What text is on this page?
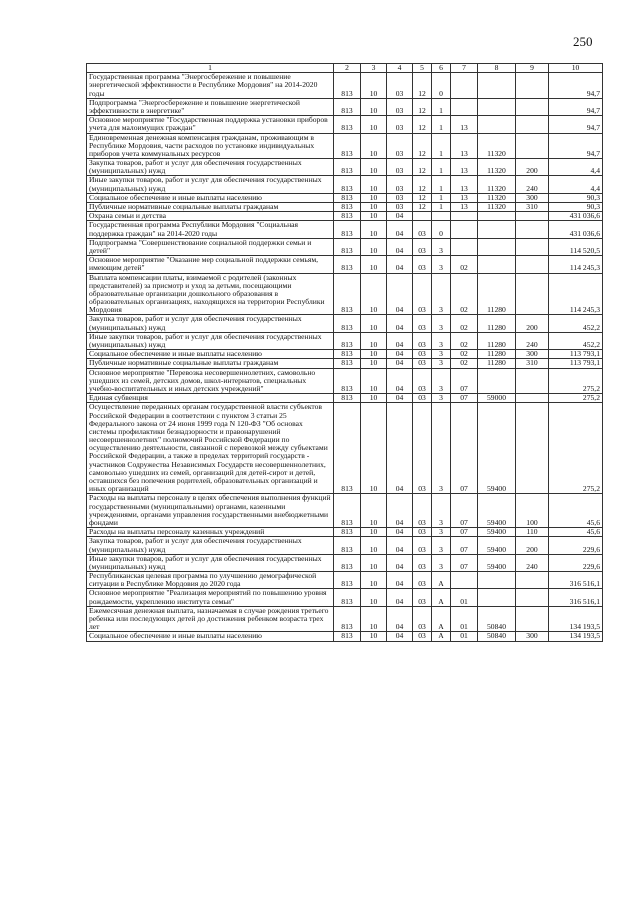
250
1	2	3	4	5	6	7	8	9	10
Государственная программа "Энергосбережение и повышение энергетической эффективности в Республике Мордовия" на 2014-2020 годы	813	10	03	12	0				94,7
Подпрограмма "Энергосбережение и повышение энергетической эффективности в энергетике"	813	10	03	12	1				94,7
Основное мероприятие "Государственная поддержка установки приборов учета для малоимущих граждан"	813	10	03	12	1	13			94,7
Единовременная денежная компенсация гражданам, проживающим в Республике Мордовия, части расходов по установке индивидуальных приборов учета коммунальных ресурсов	813	10	03	12	1	13	11320		94,7
Закупка товаров, работ и услуг для обеспечения государственных (муниципальных) нужд	813	10	03	12	1	13	11320	200	4,4
Иные закупки товаров, работ и услуг для обеспечения государственных (муниципальных) нужд	813	10	03	12	1	13	11320	240	4,4
Социальное обеспечение и иные выплаты населению	813	10	03	12	1	13	11320	300	90,3
Публичные нормативные социальные выплаты гражданам	813	10	03	12	1	13	11320	310	90,3
Охрана семьи и детства	813	10	04						431 036,6
Государственная программа Республики Мордовия "Социальная поддержка граждан" на 2014-2020 годы	813	10	04	03	0				431 036,6
Подпрограмма "Совершенствование социальной поддержки семьи и детей"	813	10	04	03	3				114 520,5
Основное мероприятие "Оказание мер социальной поддержки семьям, имеющим детей"	813	10	04	03	3	02			114 245,3
Выплата компенсации платы, взимаемой с родителей (законных представителей) за присмотр и уход за детьми, посещающими образовательные организации дошкольного образования в образовательных организациях, находящихся на территории Республики Мордовия	813	10	04	03	3	02	11280		114 245,3
Закупка товаров, работ и услуг для обеспечения государственных (муниципальных) нужд	813	10	04	03	3	02	11280	200	452,2
Иные закупки товаров, работ и услуг для обеспечения государственных (муниципальных) нужд	813	10	04	03	3	02	11280	240	452,2
Социальное обеспечение и иные выплаты населению	813	10	04	03	3	02	11280	300	113 793,1
Публичные нормативные социальные выплаты гражданам	813	10	04	03	3	02	11280	310	113 793,1
Основное мероприятие "Перевозка несовершеннолетних, самовольно ушедших из семей, детских домов, школ-интернатов, специальных учебно-воспитательных и иных детских учреждений"	813	10	04	03	3	07			275,2
Единая субвенция	813	10	04	03	3	07	59000		275,2
Осуществление переданных органам государственной власти субъектов Российской Федерации в соответствии с пунктом 3 статьи 25 Федерального закона от 24 июня 1999 года N 120-ФЗ "Об основах системы профилактики безнадзорности и правонарушений несовершеннолетних" полномочий Российской Федерации по осуществлению деятельности, связанной с перевозкой между субъектами Российской Федерации, а также в пределах территорий государств - участников Содружества Независимых Государств несовершеннолетних, самовольно ушедших из семей, организаций для детей-сирот и детей, оставшихся без попечения родителей, образовательных организаций и иных организаций	813	10	04	03	3	07	59400		275,2
Расходы на выплаты персоналу в целях обеспечения выполнения функций государственными (муниципальными) органами, казенными учреждениями, органами управления государственными внебюджетными фондами	813	10	04	03	3	07	59400	100	45,6
Расходы на выплаты персоналу казенных учреждений	813	10	04	03	3	07	59400	110	45,6
Закупка товаров, работ и услуг для обеспечения государственных (муниципальных) нужд	813	10	04	03	3	07	59400	200	229,6
Иные закупки товаров, работ и услуг для обеспечения государственных (муниципальных) нужд	813	10	04	03	3	07	59400	240	229,6
Республиканская целевая программа по улучшению демографической ситуации в Республике Мордовия до 2020 года	813	10	04	03	А				316 516,1
Основное мероприятие "Реализация мероприятий по повышению уровня рождаемости, укреплению института семьи"	813	10	04	03	А	01			316 516,1
Ежемесячная денежная выплата, назначаемая в случае рождения третьего ребенка или последующих детей до достижения ребенком возраста трех лет	813	10	04	03	А	01	50840		134 193,5
Социальное обеспечение и иные выплаты населению	813	10	04	03	А	01	50840	300	134 193,5
